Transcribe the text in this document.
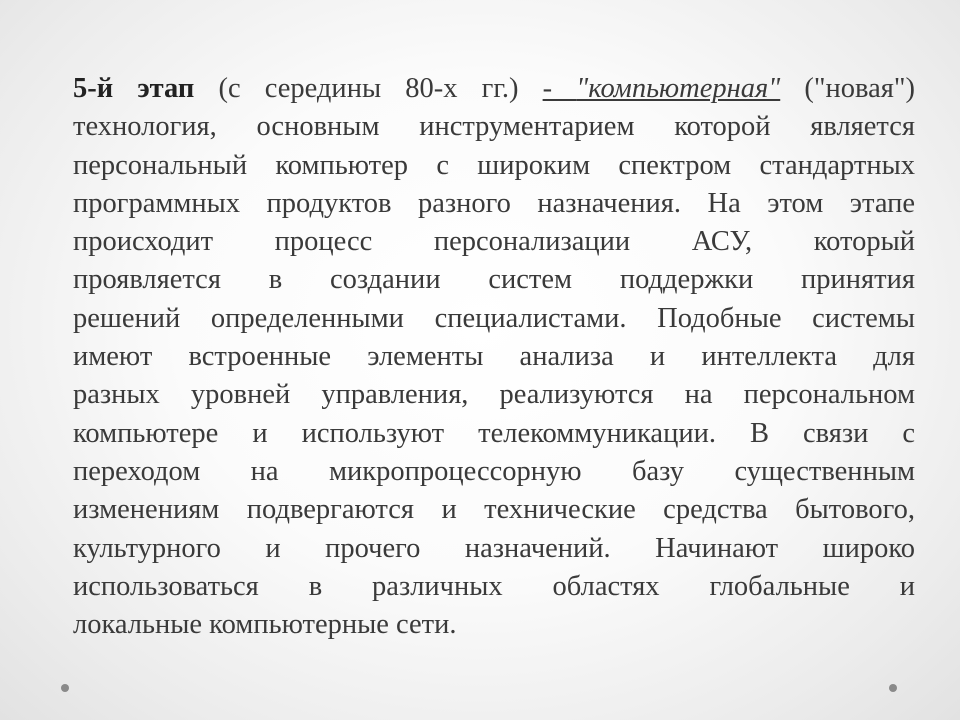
5-й этап (с середины 80-х гг.) - "компьютерная" ("новая")
технология, основным инструментарием которой является
персональный компьютер с широким спектром стандартных
программных продуктов разного назначения. На этом этапе
происходит процесс персонализации АСУ, который
проявляется в создании систем поддержки принятия
решений определенными специалистами. Подобные системы
имеют встроенные элементы анализа и интеллекта для
разных уровней управления, реализуются на персональном
компьютере и используют телекоммуникации. В связи с
переходом на микропроцессорную базу существенным
изменениям подвергаются и технические средства бытового,
культурного и прочего назначений. Начинают широко
использоваться в различных областях глобальные и
локальные компьютерные сети.
